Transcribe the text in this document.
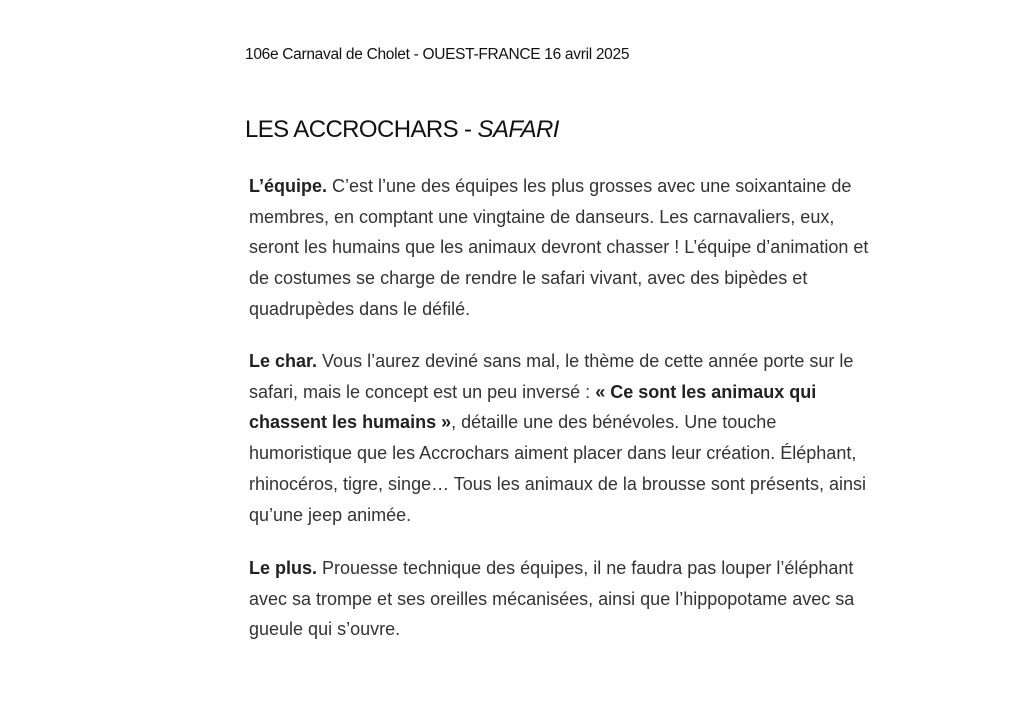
106e Carnaval de Cholet - OUEST-FRANCE 16 avril 2025
LES ACCROCHARS - SAFARI

L’équipe. C’est l’une des équipes les plus grosses avec une soixantaine de
membres, en comptant une vingtaine de danseurs. Les carnavaliers, eux,
seront les humains que les animaux devront chasser ! L’équipe d’animation et
de costumes se charge de rendre le safari vivant, avec des bipèdes et
quadrupèdes dans le défilé.

Le char. Vous l’aurez deviné sans mal, le thème de cette année porte sur le
safari, mais le concept est un peu inversé : « Ce sont les animaux qui
chassent les humains », détaille une des bénévoles. Une touche
humoristique que les Accrochars aiment placer dans leur création. Éléphant,
rhinocéros, tigre, singe… Tous les animaux de la brousse sont présents, ainsi
qu’une jeep animée.

Le plus. Prouesse technique des équipes, il ne faudra pas louper l’éléphant
avec sa trompe et ses oreilles mécanisées, ainsi que l’hippopotame avec sa
gueule qui s’ouvre.
